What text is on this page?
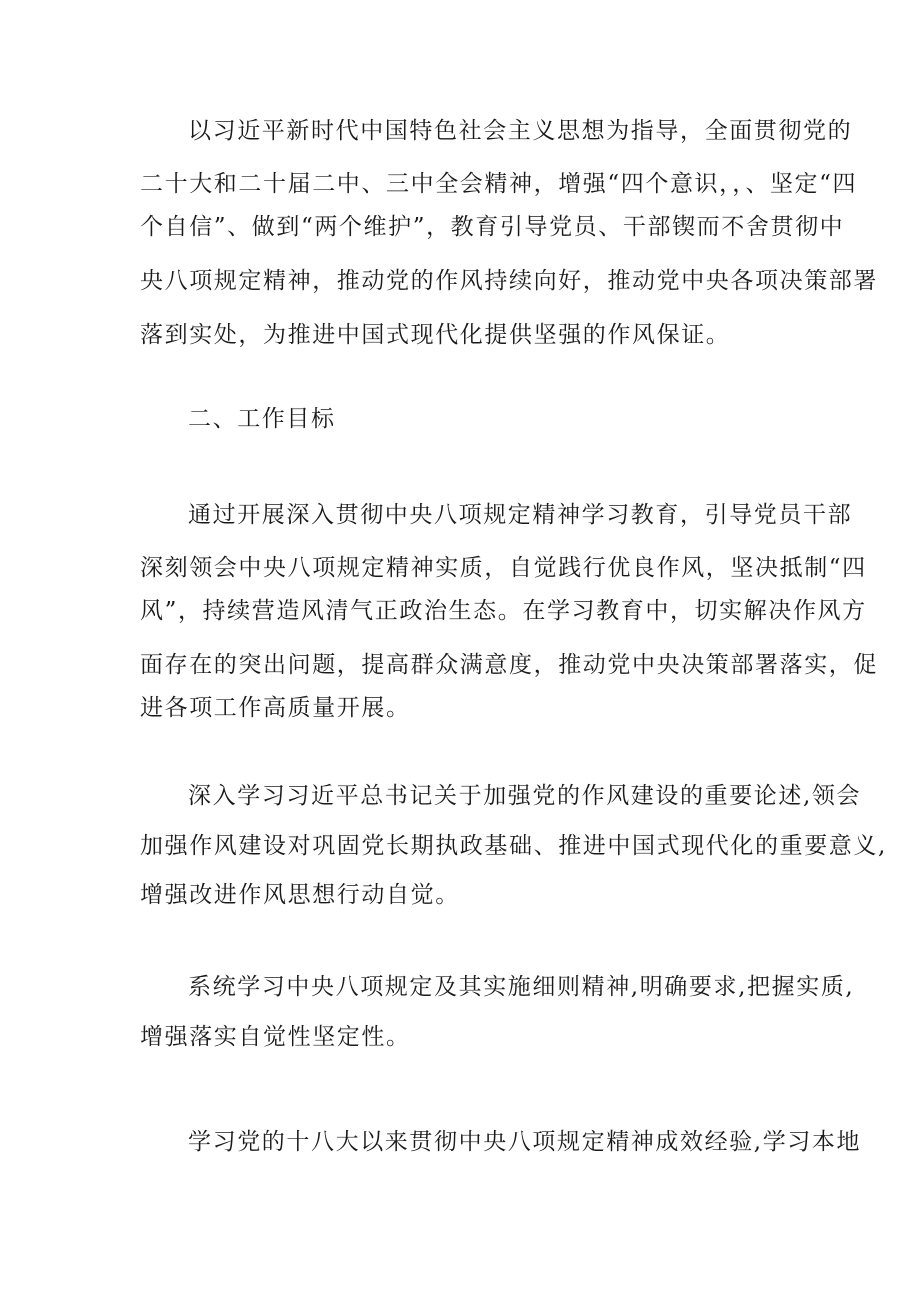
以习近平新时代中国特色社会主义思想为指导，全面贯彻党的
二十大和二十届二中、三中全会精神，增强“四个意识，，、坚定“四
个自信”、做到“两个维护”，教育引导党员、干部锲而不舍贯彻中
央八项规定精神，推动党的作风持续向好，推动党中央各项决策部署
落到实处，为推进中国式现代化提供坚强的作风保证。
二、工作目标
通过开展深入贯彻中央八项规定精神学习教育，引导党员干部
深刻领会中央八项规定精神实质，自觉践行优良作风，坚决抵制“四
风”，持续营造风清气正政治生态。在学习教育中，切实解决作风方
面存在的突出问题，提高群众满意度，推动党中央决策部署落实，促
进各项工作高质量开展。
深入学习习近平总书记关于加强党的作风建设的重要论述,领会
加强作风建设对巩固党长期执政基础、推进中国式现代化的重要意义,
增强改进作风思想行动自觉。
系统学习中央八项规定及其实施细则精神,明确要求,把握实质,
增强落实自觉性坚定性。
学习党的十八大以来贯彻中央八项规定精神成效经验,学习本地
